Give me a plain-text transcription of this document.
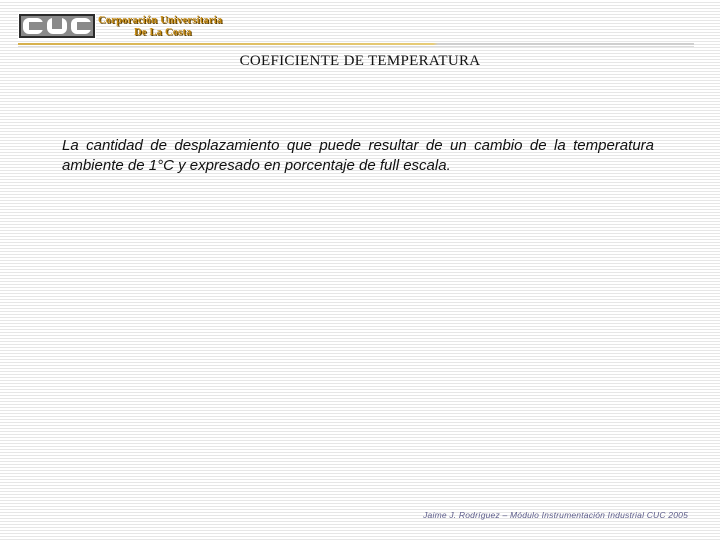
Corporación Universitaria
De La Costa
COEFICIENTE DE TEMPERATURA
La cantidad de desplazamiento que puede resultar de un cambio de la temperatura ambiente de 1°C y expresado en porcentaje de full escala.
Jaime J. Rodríguez – Módulo Instrumentación Industrial CUC 2005
